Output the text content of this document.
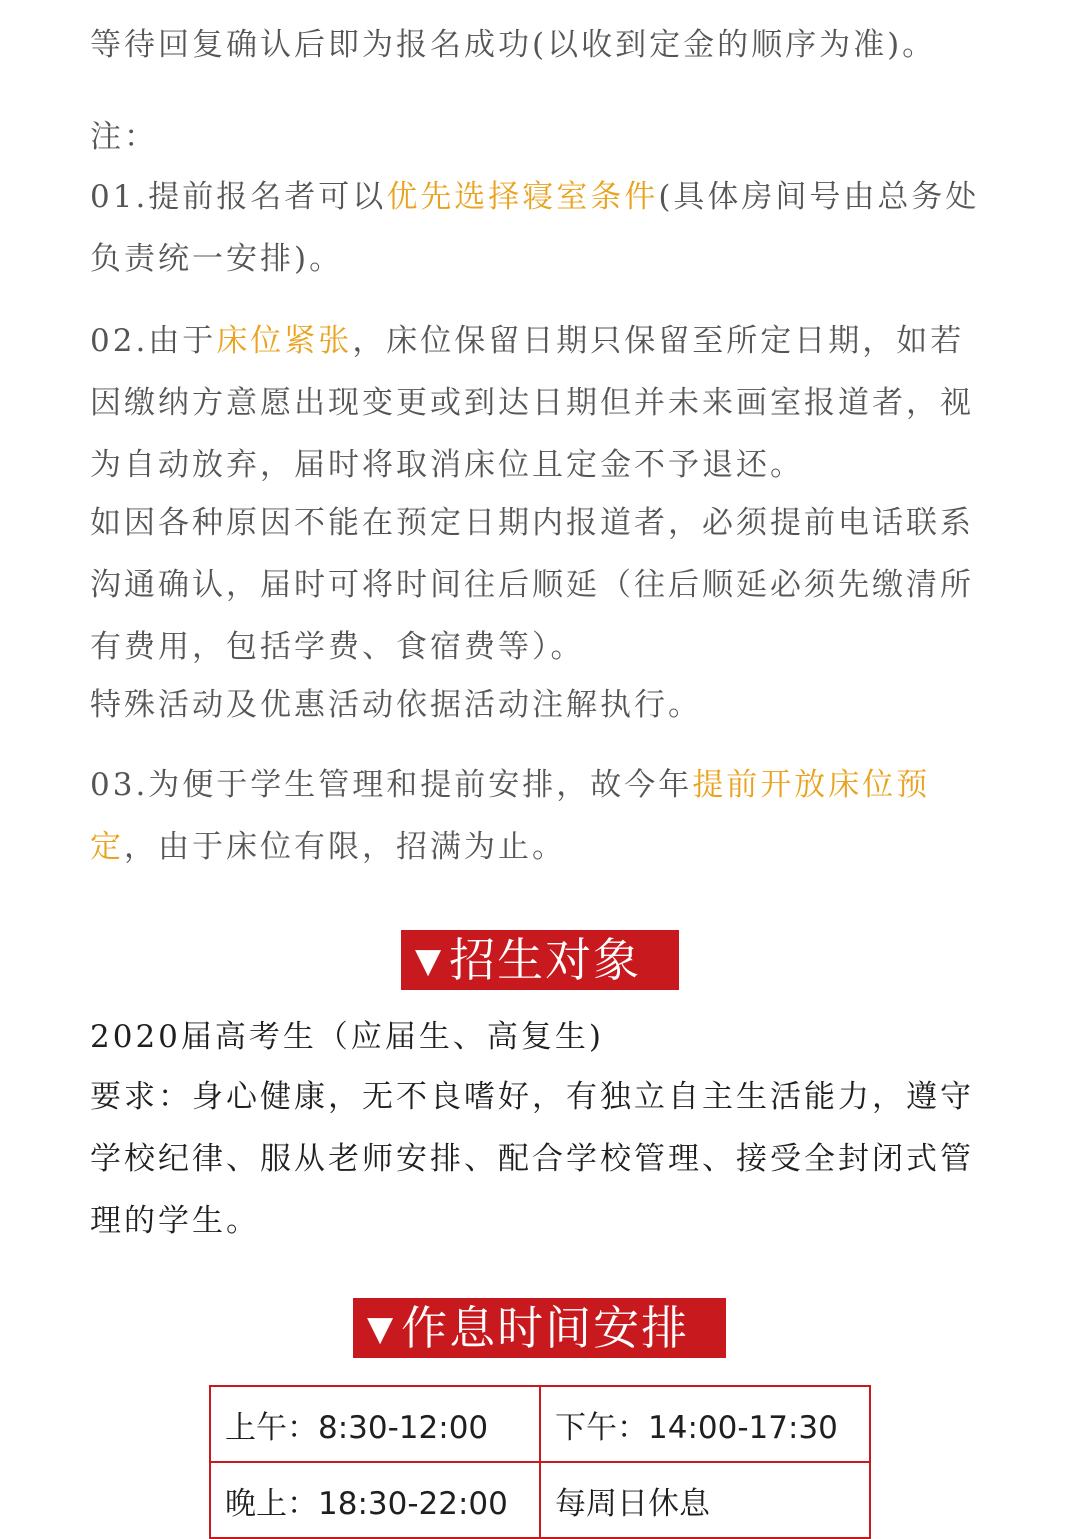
等待回复确认后即为报名成功(以收到定金的顺序为准)。

注：

01.提前报名者可以优先选择寝室条件(具体房间号由总务处负责统一安排)。

02.由于床位紧张，床位保留日期只保留至所定日期，如若因缴纳方意愿出现变更或到达日期但并未来画室报道者，视为自动放弃，届时将取消床位且定金不予退还。

如因各种原因不能在预定日期内报道者，必须提前电话联系沟通确认，届时可将时间往后顺延（往后顺延必须先缴清所有费用，包括学费、食宿费等）。

特殊活动及优惠活动依据活动注解执行。

03.为便于学生管理和提前安排，故今年提前开放床位预定，由于床位有限，招满为止。

▼ 招生对象

2020届高考生（应届生、高复生)

要求：身心健康，无不良嗜好，有独立自主生活能力，遵守学校纪律、服从老师安排、配合学校管理、接受全封闭式管理的学生。

▼ 作息时间安排
上午：8:30-12:00	下午：14:00-17:30
晚上：18:30-22:00	每周日休息
